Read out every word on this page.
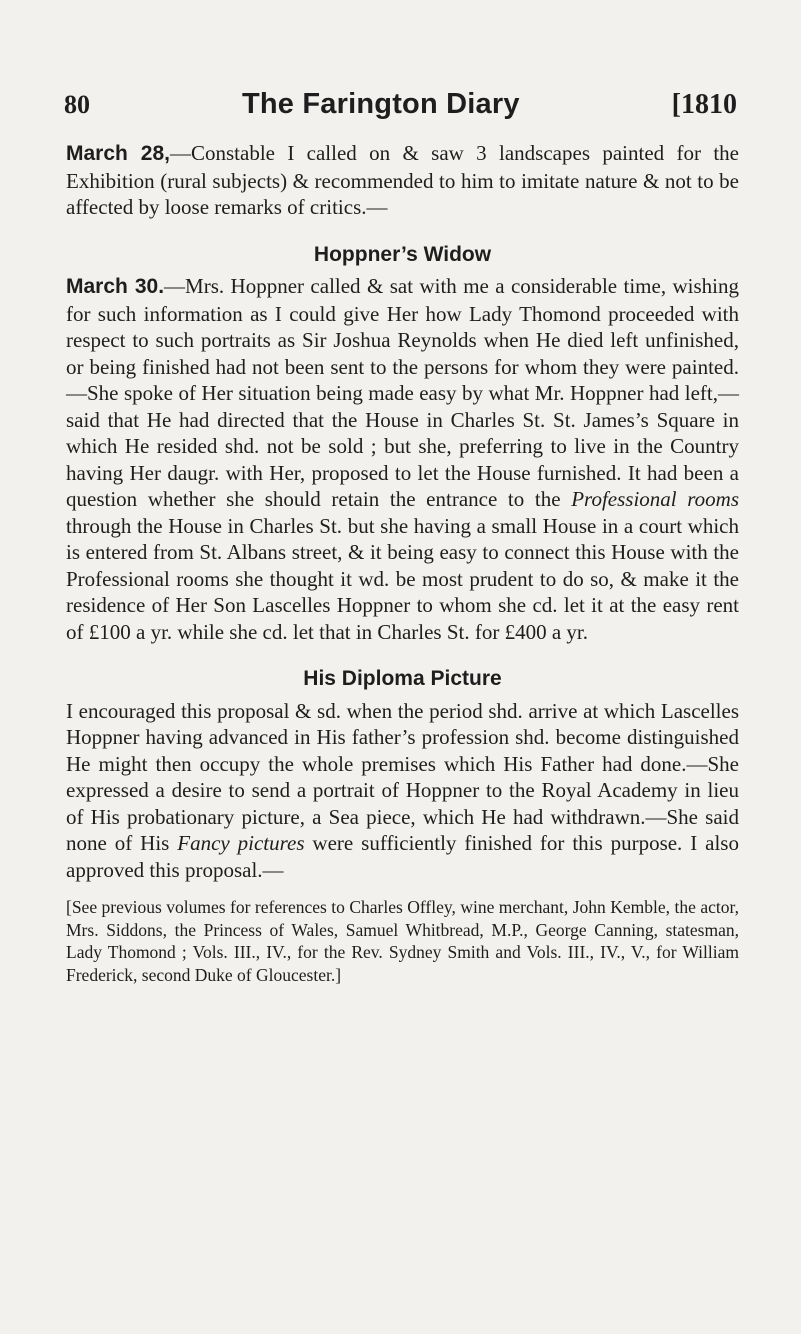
80	The Farington Diary	[1810

March 28,—Constable I called on & saw 3 landscapes painted for the Exhibition (rural subjects) & recommended to him to imitate nature & not to be affected by loose remarks of critics.—

Hoppner’s Widow

March 30.—Mrs. Hoppner called & sat with me a considerable time, wishing for such information as I could give Her how Lady Thomond proceeded with respect to such portraits as Sir Joshua Reynolds when He died left unfinished, or being finished had not been sent to the persons for whom they were painted.—She spoke of Her situation being made easy by what Mr. Hoppner had left,—said that He had directed that the House in Charles St. St. James’s Square in which He resided shd. not be sold ; but she, preferring to live in the Country having Her daugr. with Her, proposed to let the House furnished. It had been a question whether she should retain the entrance to the Professional rooms through the House in Charles St. but she having a small House in a court which is entered from St. Albans street, & it being easy to connect this House with the Professional rooms she thought it wd. be most prudent to do so, & make it the residence of Her Son Lascelles Hoppner to whom she cd. let it at the easy rent of £100 a yr. while she cd. let that in Charles St. for £400 a yr.

His Diploma Picture

I encouraged this proposal & sd. when the period shd. arrive at which Lascelles Hoppner having advanced in His father’s profession shd. become distinguished He might then occupy the whole premises which His Father had done.—She expressed a desire to send a portrait of Hoppner to the Royal Academy in lieu of His probationary picture, a Sea piece, which He had withdrawn.—She said none of His Fancy pictures were sufficiently finished for this purpose. I also approved this proposal.—

[See previous volumes for references to Charles Offley, wine merchant, John Kemble, the actor, Mrs. Siddons, the Princess of Wales, Samuel Whitbread, M.P., George Canning, statesman, Lady Thomond ; Vols. III., IV., for the Rev. Sydney Smith and Vols. III., IV., V., for William Frederick, second Duke of Gloucester.]
